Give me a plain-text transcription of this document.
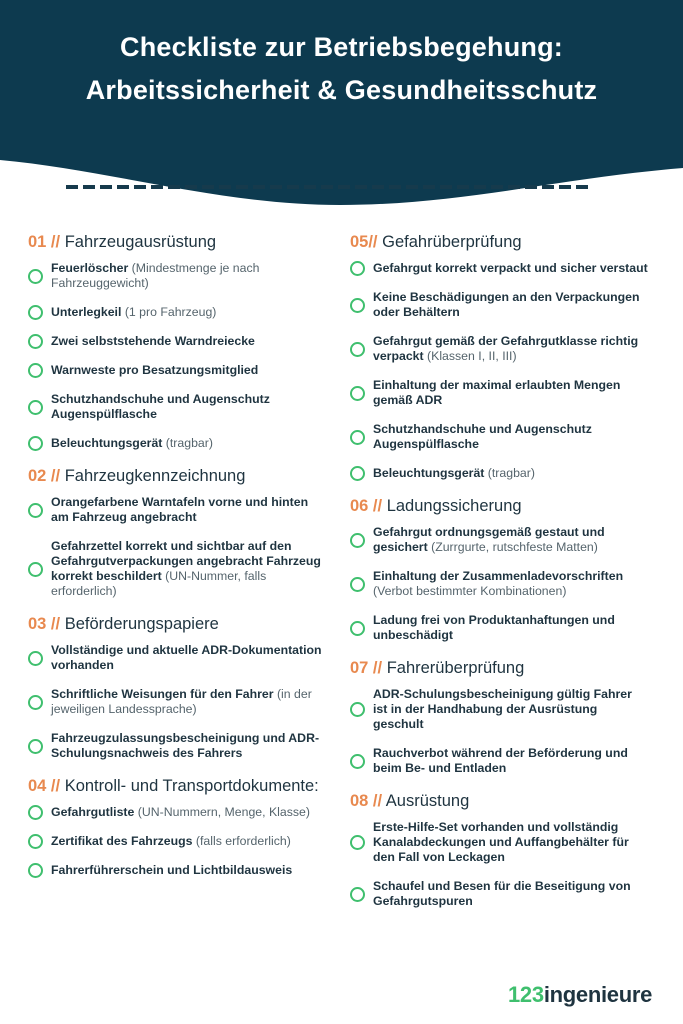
Checkliste zur Betriebsbegehung:
Arbeitssicherheit & Gesundheitsschutz
01 // Fahrzeugausrüstung
Feuerlöscher (Mindestmenge je nach Fahrzeuggewicht)
Unterlegkeil (1 pro Fahrzeug)
Zwei selbststehende Warndreiecke
Warnweste pro Besatzungsmitglied
Schutzhandschuhe und Augenschutz Augenspülflasche
Beleuchtungsgerät (tragbar)
02 // Fahrzeugkennzeichnung
Orangefarbene Warntafeln vorne und hinten am Fahrzeug angebracht
Gefahrzettel korrekt und sichtbar auf den Gefahrgutverpackungen angebracht Fahrzeug korrekt beschildert (UN-Nummer, falls erforderlich)
03 // Beförderungspapiere
Vollständige und aktuelle ADR-Dokumentation vorhanden
Schriftliche Weisungen für den Fahrer (in der jeweiligen Landessprache)
Fahrzeugzulassungsbescheinigung und ADR-Schulungsnachweis des Fahrers
04 // Kontroll- und Transportdokumente:
Gefahrgutliste (UN-Nummern, Menge, Klasse)
Zertifikat des Fahrzeugs (falls erforderlich)
Fahrerführerschein und Lichtbildausweis
05// Gefahrüberprüfung
Gefahrgut korrekt verpackt und sicher verstaut
Keine Beschädigungen an den Verpackungen oder Behältern
Gefahrgut gemäß der Gefahrgutklasse richtig verpackt (Klassen I, II, III)
Einhaltung der maximal erlaubten Mengen gemäß ADR
Schutzhandschuhe und Augenschutz Augenspülflasche
Beleuchtungsgerät (tragbar)
06 // Ladungssicherung
Gefahrgut ordnungsgemäß gestaut und gesichert (Zurrgurte, rutschfeste Matten)
Einhaltung der Zusammenladevorschriften (Verbot bestimmter Kombinationen)
Ladung frei von Produktanhaftungen und unbeschädigt
07 // Fahrerüberprüfung
ADR-Schulungsbescheinigung gültig Fahrer ist in der Handhabung der Ausrüstung geschult
Rauchverbot während der Beförderung und beim Be- und Entladen
08 // Ausrüstung
Erste-Hilfe-Set vorhanden und vollständig Kanalabdeckungen und Auffangbehälter für den Fall von Leckagen
Schaufel und Besen für die Beseitigung von Gefahrgutspuren
123ingenieure
